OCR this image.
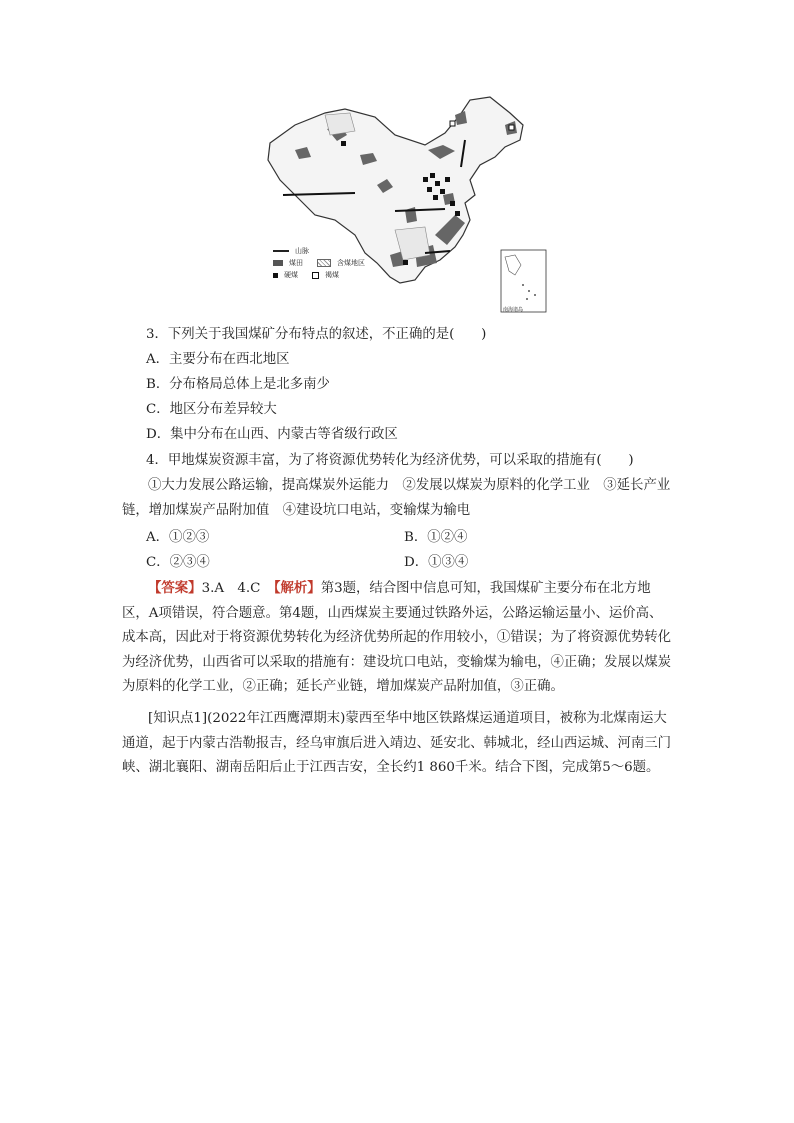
山脉
煤田	含煤地区
硬煤	褐煤
南海诸岛
3．下列关于我国煤矿分布特点的叙述，不正确的是(　　)
A．主要分布在西北地区
B．分布格局总体上是北多南少
C．地区分布差异较大
D．集中分布在山西、内蒙古等省级行政区
4．甲地煤炭资源丰富，为了将资源优势转化为经济优势，可以采取的措施有(　　)

①大力发展公路运输，提高煤炭外运能力　②发展以煤炭为原料的化学工业　③延长产业链，增加煤炭产品附加值　④建设坑口电站，变输煤为输电

A．①②③	B．①②④
C．②③④	D．①③④

【答案】3.A　4.C　【解析】第3题，结合图中信息可知，我国煤矿主要分布在北方地区，A项错误，符合题意。第4题，山西煤炭主要通过铁路外运，公路运输运量小、运价高、成本高，因此对于将资源优势转化为经济优势所起的作用较小，①错误；为了将资源优势转化为经济优势，山西省可以采取的措施有：建设坑口电站，变输煤为输电，④正确；发展以煤炭为原料的化学工业，②正确；延长产业链，增加煤炭产品附加值，③正确。

[知识点1](2022年江西鹰潭期末)蒙西至华中地区铁路煤运通道项目，被称为北煤南运大通道，起于内蒙古浩勒报吉，经乌审旗后进入靖边、延安北、韩城北，经山西运城、河南三门峡、湖北襄阳、湖南岳阳后止于江西吉安，全长约1 860千米。结合下图，完成第5～6题。
